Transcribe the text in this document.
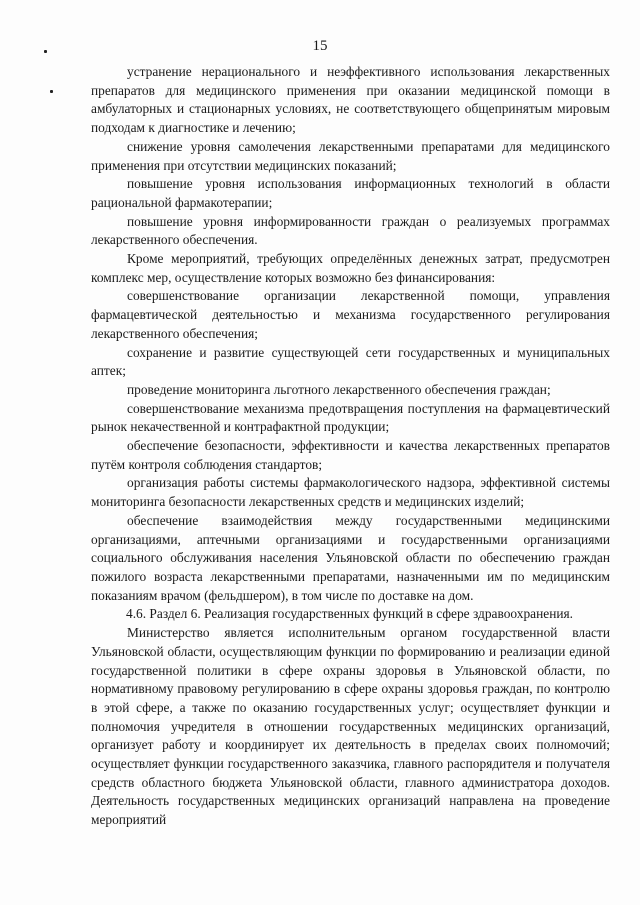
15

устранение нерационального и неэффективного использования лекарственных препаратов для медицинского применения при оказании медицинской помощи в амбулаторных и стационарных условиях, не соответствующего общепринятым мировым подходам к диагностике и лечению;

снижение уровня самолечения лекарственными препаратами для медицинского применения при отсутствии медицинских показаний;

повышение уровня использования информационных технологий в области рациональной фармакотерапии;

повышение уровня информированности граждан о реализуемых программах лекарственного обеспечения.

Кроме мероприятий, требующих определённых денежных затрат, предусмотрен комплекс мер, осуществление которых возможно без финансирования:

совершенствование организации лекарственной помощи, управления фармацевтической деятельностью и механизма государственного регулирования лекарственного обеспечения;

сохранение и развитие существующей сети государственных и муниципальных аптек;

проведение мониторинга льготного лекарственного обеспечения граждан;

совершенствование механизма предотвращения поступления на фармацевтический рынок некачественной и контрафактной продукции;

обеспечение безопасности, эффективности и качества лекарственных препаратов путём контроля соблюдения стандартов;

организация работы системы фармакологического надзора, эффективной системы мониторинга безопасности лекарственных средств и медицинских изделий;

обеспечение взаимодействия между государственными медицинскими организациями, аптечными организациями и государственными организациями социального обслуживания населения Ульяновской области по обеспечению граждан пожилого возраста лекарственными препаратами, назначенными им по медицинским показаниям врачом (фельдшером), в том числе по доставке на дом.

4.6. Раздел 6. Реализация государственных функций в сфере здравоохранения.

Министерство является исполнительным органом государственной власти Ульяновской области, осуществляющим функции по формированию и реализации единой государственной политики в сфере охраны здоровья в Ульяновской области, по нормативному правовому регулированию в сфере охраны здоровья граждан, по контролю в этой сфере, а также по оказанию государственных услуг; осуществляет функции и полномочия учредителя в отношении государственных медицинских организаций, организует работу и координирует их деятельность в пределах своих полномочий; осуществляет функции государственного заказчика, главного распорядителя и получателя средств областного бюджета Ульяновской области, главного администратора доходов. Деятельность государственных медицинских организаций направлена на проведение мероприятий
